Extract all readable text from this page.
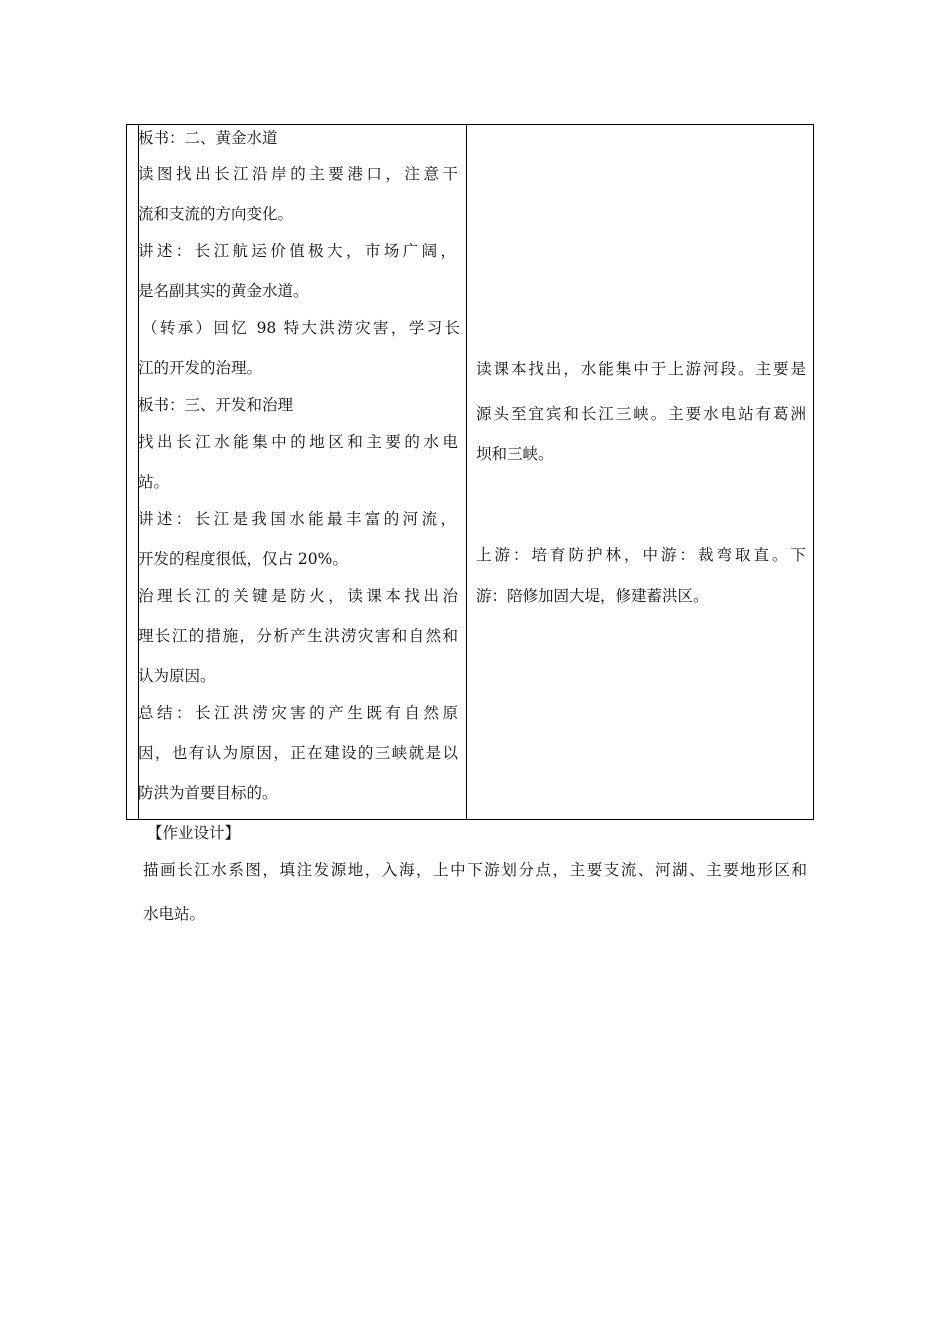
板书：二、黄金水道
读图找出长江沿岸的主要港口，注意干
流和支流的方向变化。
讲述：长江航运价值极大，市场广阔，
是名副其实的黄金水道。
（转承）回忆 98 特大洪涝灾害，学习长
江的开发的治理。
板书：三、开发和治理
找出长江水能集中的地区和主要的水电
站。
讲述：长江是我国水能最丰富的河流，
开发的程度很低，仅占 20%。
治理长江的关键是防火，读课本找出治
理长江的措施，分析产生洪涝灾害和自然和
认为原因。
总结：长江洪涝灾害的产生既有自然原
因，也有认为原因，正在建设的三峡就是以
防洪为首要目标的。
读课本找出，水能集中于上游河段。主要是
源头至宜宾和长江三峡。主要水电站有葛洲
坝和三峡。
上游：培育防护林，中游：裁弯取直。下
游：陪修加固大堤，修建蓄洪区。
【作业设计】
描画长江水系图，填注发源地，入海，上中下游划分点，主要支流、河湖、主要地形区和
水电站。
